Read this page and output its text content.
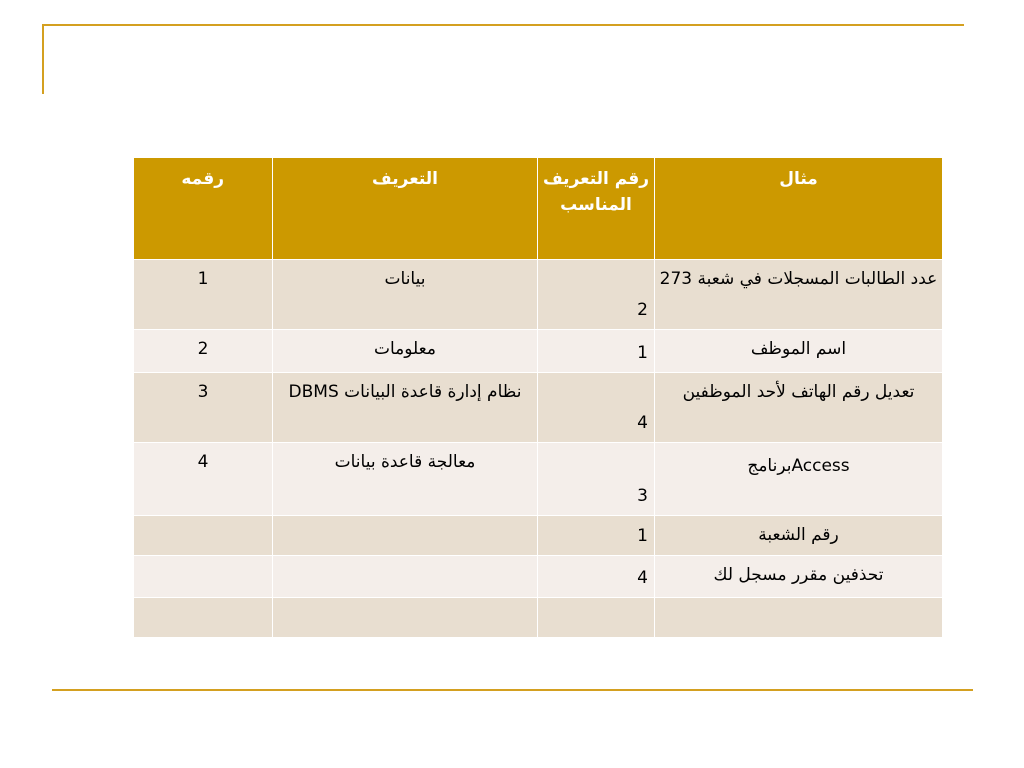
رقمه	التعريف	رقم التعريف المناسب	مثال
1	بيانات	2	عدد الطالبات المسجلات في شعبة 273
2	معلومات	1	اسم الموظف
3	نظام إدارة قاعدة البيانات DBMS	4	تعديل رقم الهاتف لأحد الموظفين
4	معالجة قاعدة بيانات	3	Accessبرنامج
		1	رقم الشعبة
		4	تحذفين مقرر مسجل لك
